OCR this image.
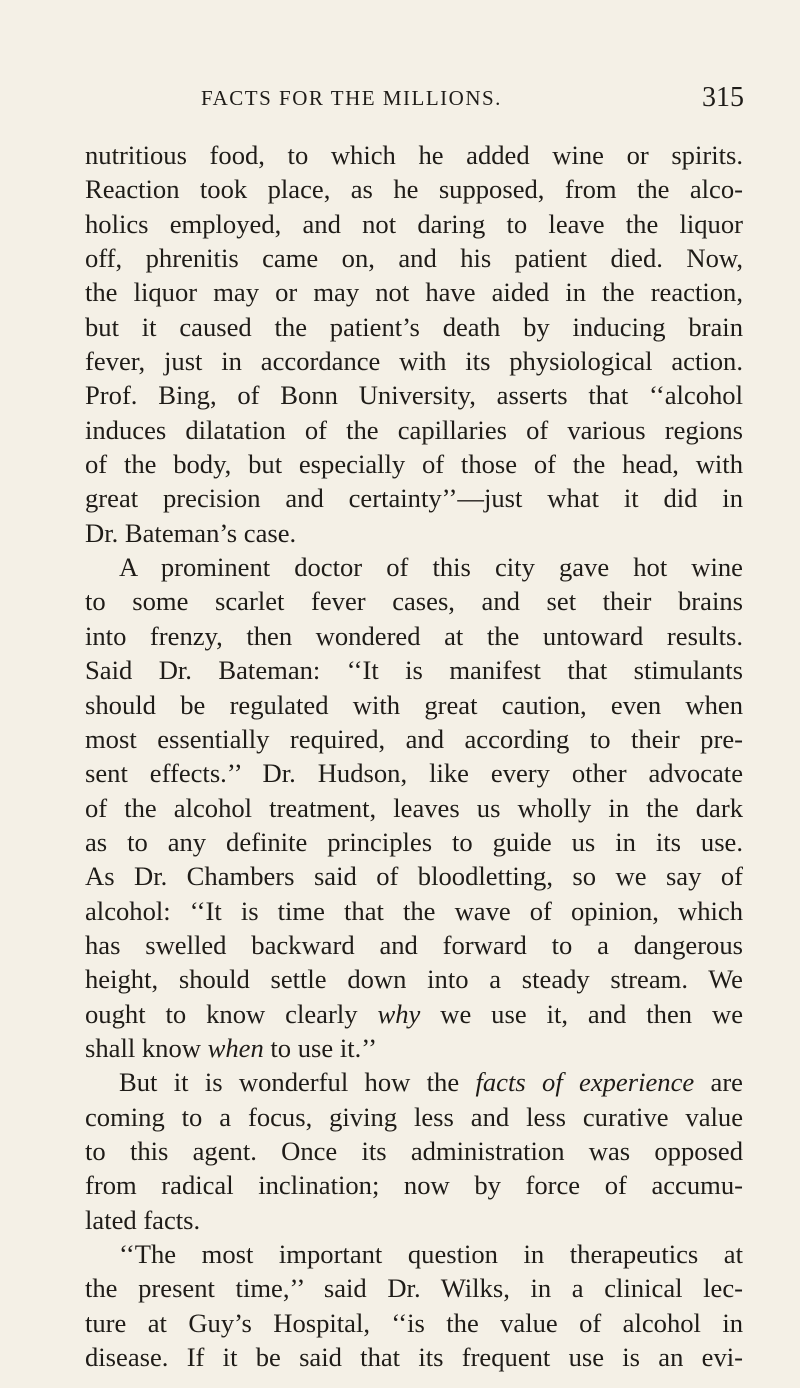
FACTS FOR THE MILLIONS.	315

nutritious food, to which he added wine or spirits.
Reaction took place, as he supposed, from the alco-
holics employed, and not daring to leave the liquor
off, phrenitis came on, and his patient died. Now,
the liquor may or may not have aided in the reaction,
but it caused the patient’s death by inducing brain
fever, just in accordance with its physiological action.
Prof. Bing, of Bonn University, asserts that ‘‘alcohol
induces dilatation of the capillaries of various regions
of the body, but especially of those of the head, with
great precision and certainty’’—just what it did in
Dr. Bateman’s case.

A prominent doctor of this city gave hot wine
to some scarlet fever cases, and set their brains
into frenzy, then wondered at the untoward results.
Said Dr. Bateman: ‘‘It is manifest that stimulants
should be regulated with great caution, even when
most essentially required, and according to their pre-
sent effects.’’ Dr. Hudson, like every other advocate
of the alcohol treatment, leaves us wholly in the dark
as to any definite principles to guide us in its use.
As Dr. Chambers said of bloodletting, so we say of
alcohol: ‘‘It is time that the wave of opinion, which
has swelled backward and forward to a dangerous
height, should settle down into a steady stream. We
ought to know clearly why we use it, and then we
shall know when to use it.’’

But it is wonderful how the facts of experience are
coming to a focus, giving less and less curative value
to this agent. Once its administration was opposed
from radical inclination; now by force of accumu-
lated facts.

‘‘The most important question in therapeutics at
the present time,’’ said Dr. Wilks, in a clinical lec-
ture at Guy’s Hospital, ‘‘is the value of alcohol in
disease. If it be said that its frequent use is an evi-
